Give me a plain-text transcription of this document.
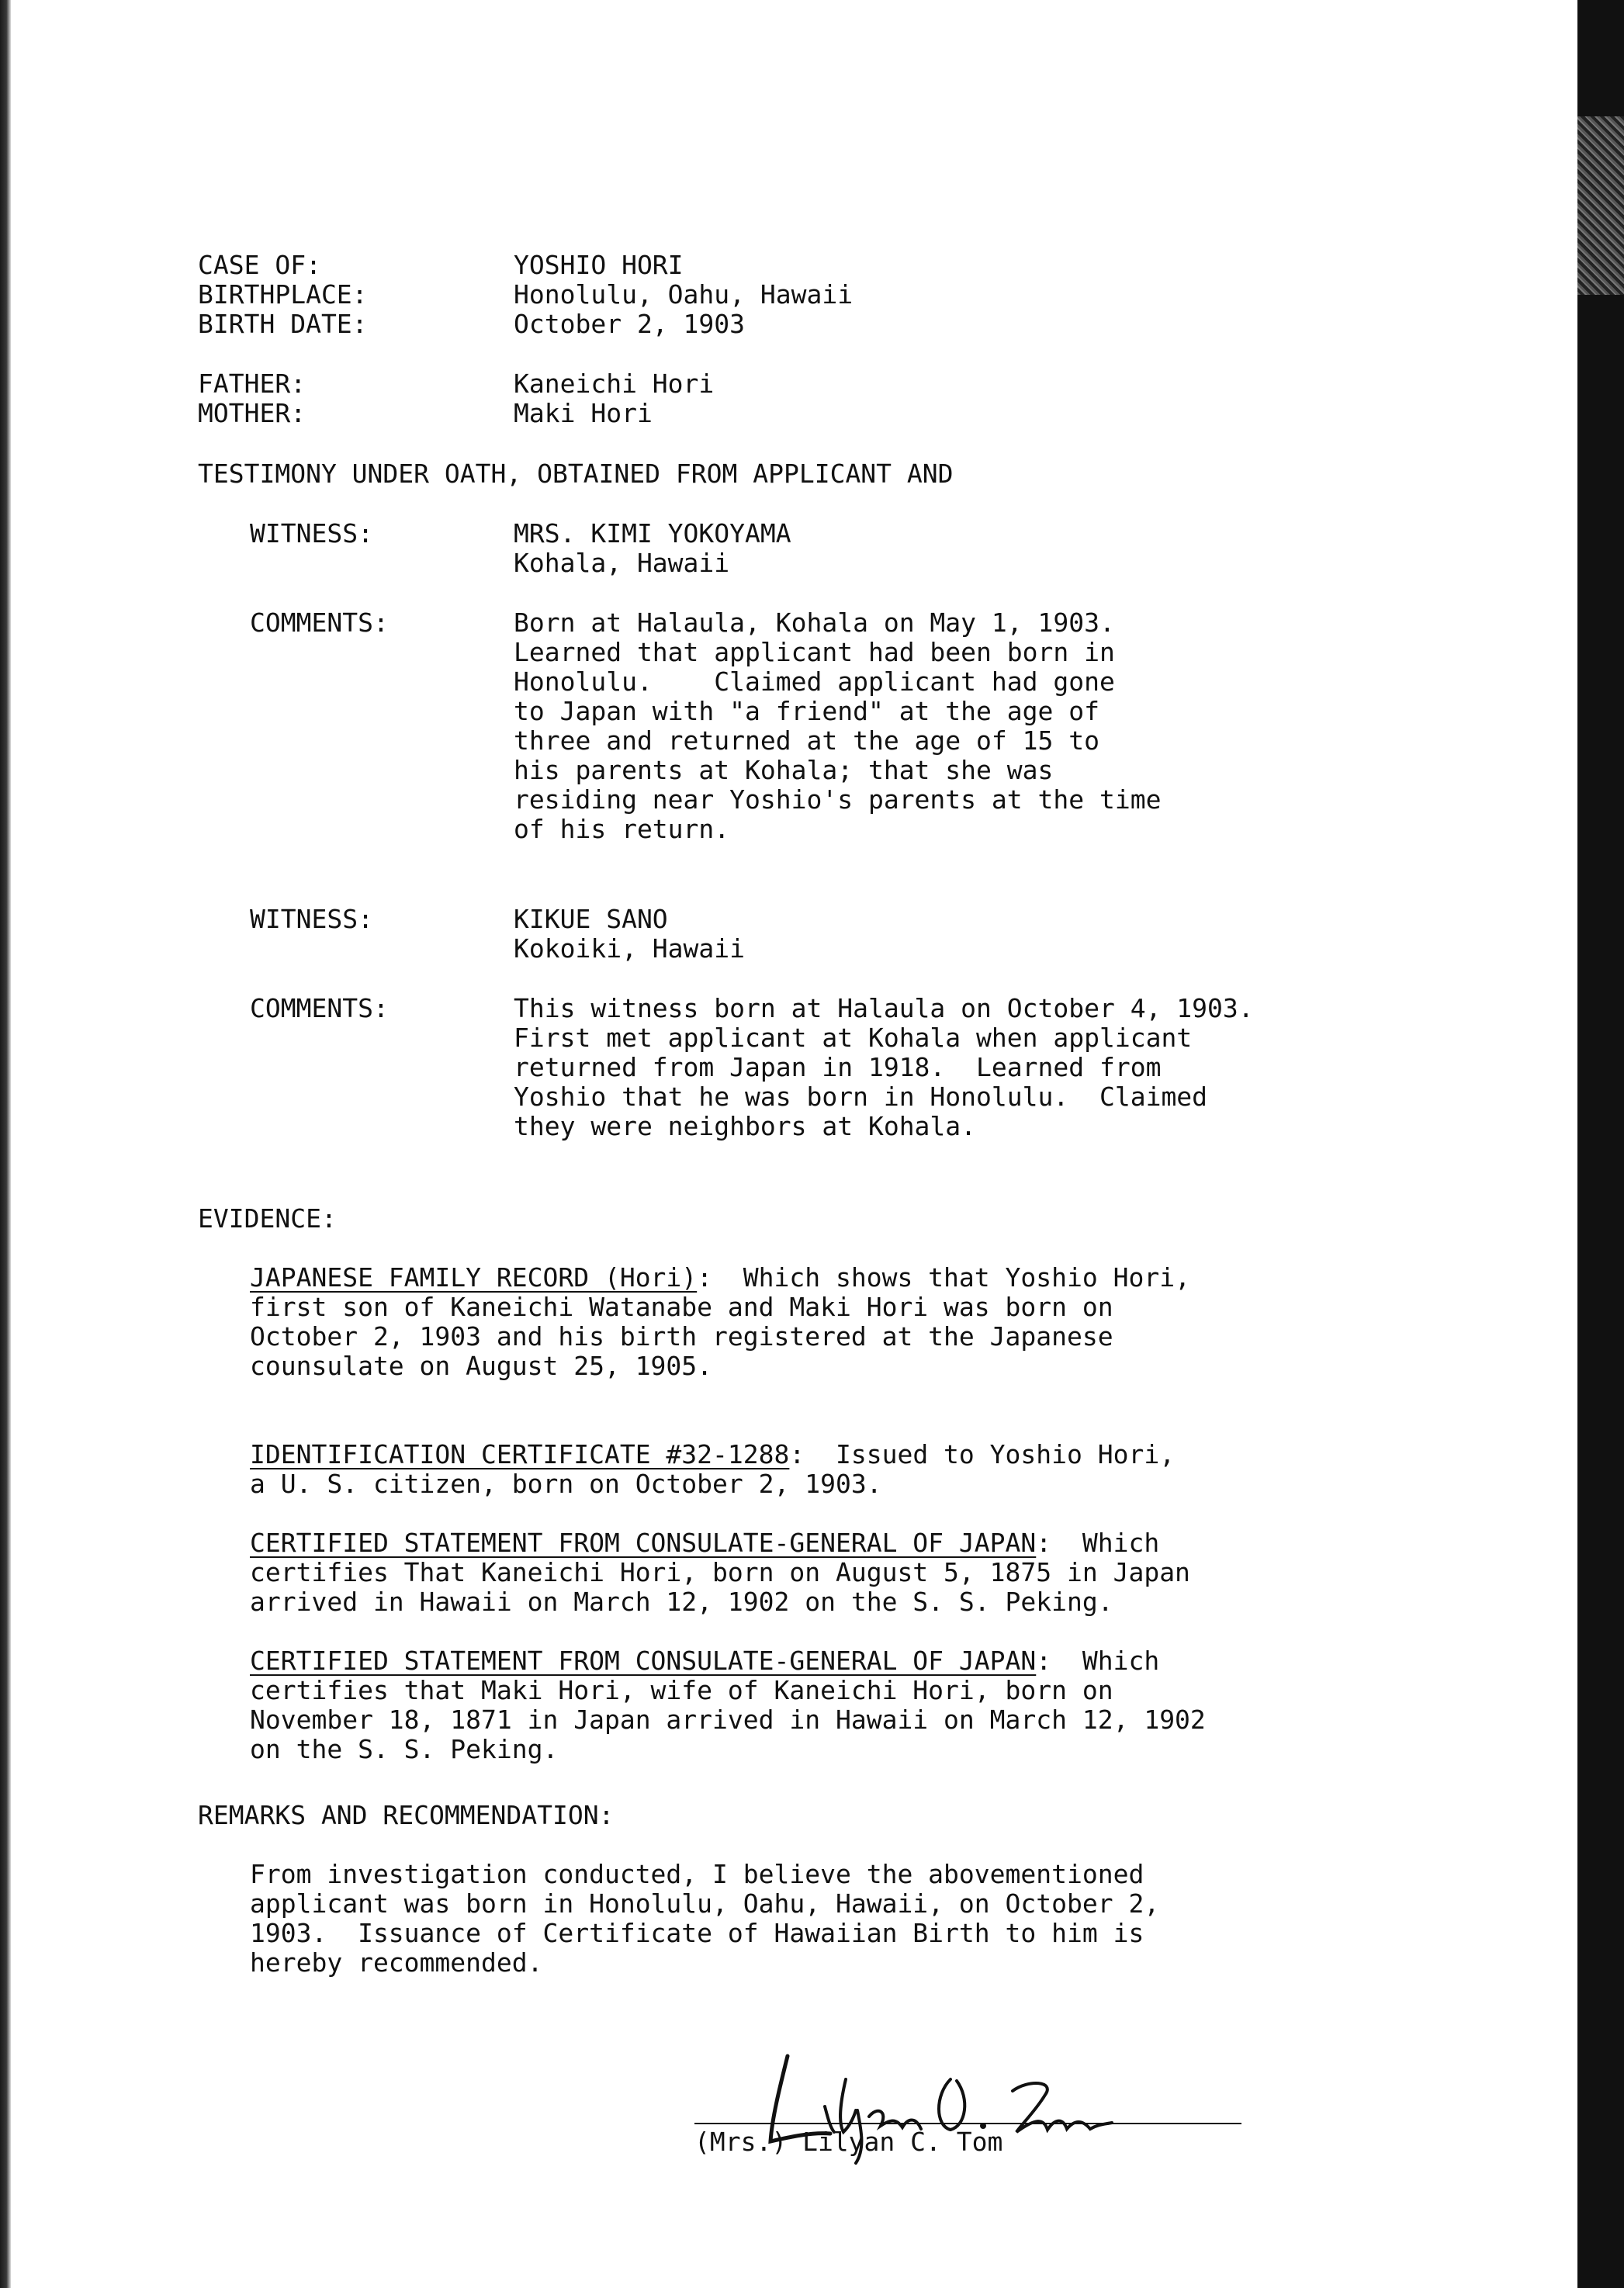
CASE OF:	YOSHIO HORI
BIRTHPLACE:	Honolulu, Oahu, Hawaii
BIRTH DATE:	October 2, 1903
FATHER:	Kaneichi Hori
MOTHER:	Maki Hori
TESTIMONY UNDER OATH, OBTAINED FROM APPLICANT AND
WITNESS:	MRS. KIMI YOKOYAMA
Kohala, Hawaii
COMMENTS:	Born at Halaula, Kohala on May 1, 1903.
Learned that applicant had been born in
Honolulu.    Claimed applicant had gone
to Japan with "a friend" at the age of
three and returned at the age of 15 to
his parents at Kohala; that she was
residing near Yoshio's parents at the time
of his return.
WITNESS:	KIKUE SANO
Kokoiki, Hawaii
COMMENTS:	This witness born at Halaula on October 4, 1903.
First met applicant at Kohala when applicant
returned from Japan in 1918.  Learned from
Yoshio that he was born in Honolulu.  Claimed
they were neighbors at Kohala.
EVIDENCE:
JAPANESE FAMILY RECORD (Hori):  Which shows that Yoshio Hori,
first son of Kaneichi Watanabe and Maki Hori was born on
October 2, 1903 and his birth registered at the Japanese
counsulate on August 25, 1905.
IDENTIFICATION CERTIFICATE #32-1288:  Issued to Yoshio Hori,
a U. S. citizen, born on October 2, 1903.
CERTIFIED STATEMENT FROM CONSULATE-GENERAL OF JAPAN:  Which
certifies That Kaneichi Hori, born on August 5, 1875 in Japan
arrived in Hawaii on March 12, 1902 on the S. S. Peking.
CERTIFIED STATEMENT FROM CONSULATE-GENERAL OF JAPAN:  Which
certifies that Maki Hori, wife of Kaneichi Hori, born on
November 18, 1871 in Japan arrived in Hawaii on March 12, 1902
on the S. S. Peking.
REMARKS AND RECOMMENDATION:
From investigation conducted, I believe the abovementioned
applicant was born in Honolulu, Oahu, Hawaii, on October 2,
1903.  Issuance of Certificate of Hawaiian Birth to him is
hereby recommended.
(Mrs.) Lilyan C. Tom
